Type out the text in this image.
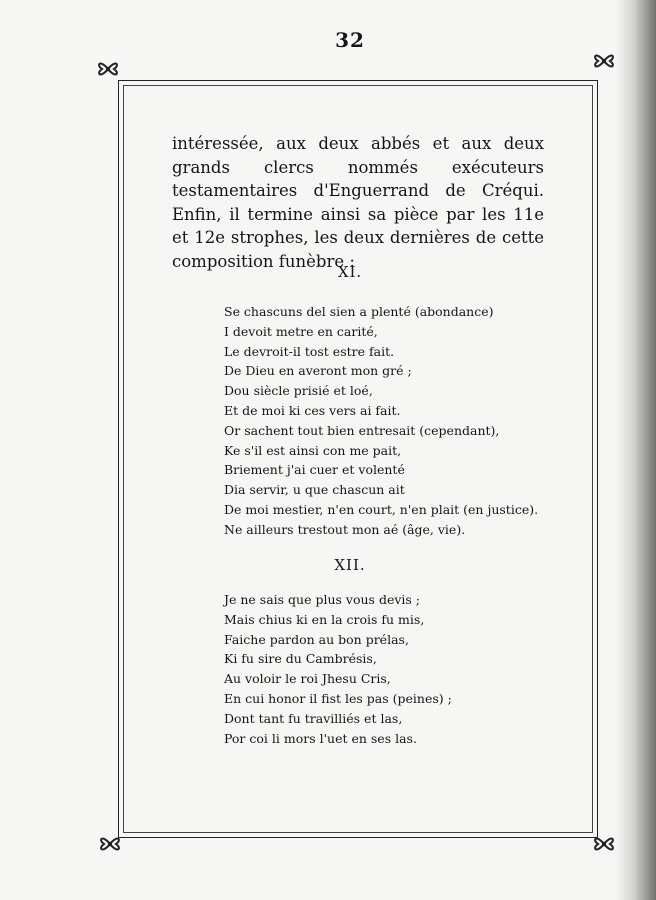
32

intéressée, aux deux abbés et aux deux grands clercs nommés exécuteurs testamentaires d'Enguerrand de Créqui. Enfin, il termine ainsi sa pièce par les 11e et 12e strophes, les deux dernières de cette composition funèbre :

XI.
Se chascuns del sien a plenté (abondance)
I devoit metre en carité,
Le devroit-il tost estre fait.
De Dieu en averont mon gré ;
Dou siècle prisié et loé,
Et de moi ki ces vers ai fait.
Or sachent tout bien entresait (cependant),
Ke s'il est ainsi con me pait,
Briement j'ai cuer et volenté
Dia servir, u que chascun ait
De moi mestier, n'en court, n'en plait (en justice).
Ne ailleurs trestout mon aé (âge, vie).
XII.
Je ne sais que plus vous devis ;
Mais chius ki en la crois fu mis,
Faiche pardon au bon prélas,
Ki fu sire du Cambrésis,
Au voloir le roi Jhesu Cris,
En cui honor il fist les pas (peines) ;
Dont tant fu travilliés et las,
Por coi li mors l'uet en ses las.
